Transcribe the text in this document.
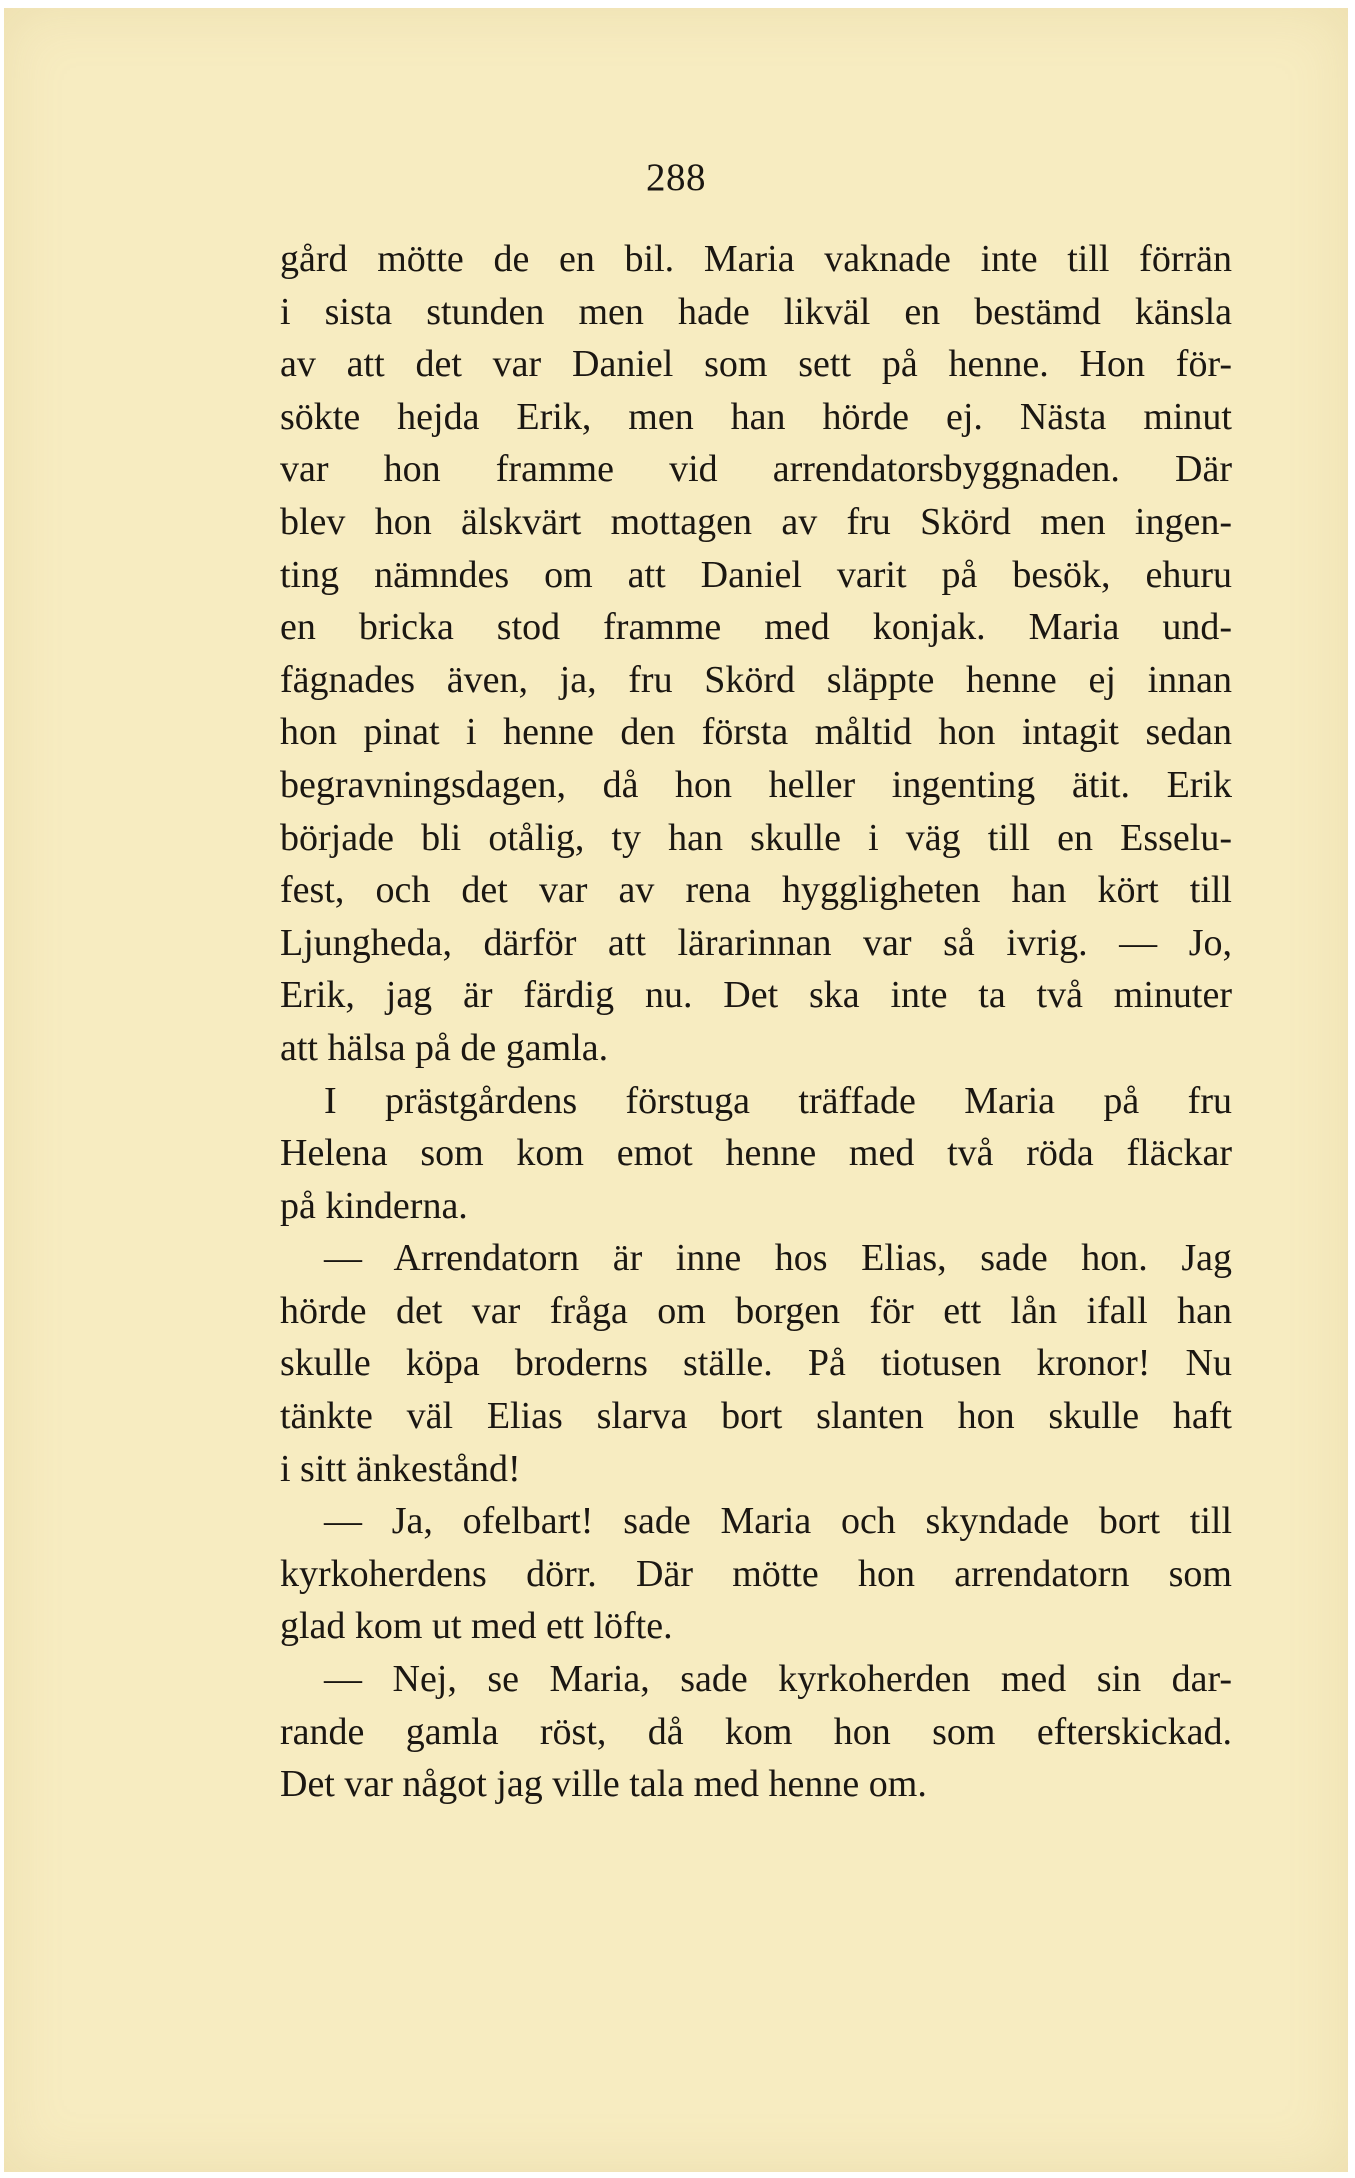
288
gård mötte de en bil. Maria vaknade inte till förrän
i sista stunden men hade likväl en bestämd känsla
av att det var Daniel som sett på henne. Hon för-
sökte hejda Erik, men han hörde ej. Nästa minut
var hon framme vid arrendatorsbyggnaden. Där
blev hon älskvärt mottagen av fru Skörd men ingen-
ting nämndes om att Daniel varit på besök, ehuru
en bricka stod framme med konjak. Maria und-
fägnades även, ja, fru Skörd släppte henne ej innan
hon pinat i henne den första måltid hon intagit sedan
begravningsdagen, då hon heller ingenting ätit. Erik
började bli otålig, ty han skulle i väg till en Esselu-
fest, och det var av rena hyggligheten han kört till
Ljungheda, därför att lärarinnan var så ivrig. — Jo,
Erik, jag är färdig nu. Det ska inte ta två minuter
att hälsa på de gamla.
I prästgårdens förstuga träffade Maria på fru
Helena som kom emot henne med två röda fläckar
på kinderna.
— Arrendatorn är inne hos Elias, sade hon. Jag
hörde det var fråga om borgen för ett lån ifall han
skulle köpa broderns ställe. På tiotusen kronor! Nu
tänkte väl Elias slarva bort slanten hon skulle haft
i sitt änkestånd!
— Ja, ofelbart! sade Maria och skyndade bort till
kyrkoherdens dörr. Där mötte hon arrendatorn som
glad kom ut med ett löfte.
— Nej, se Maria, sade kyrkoherden med sin dar-
rande gamla röst, då kom hon som efterskickad.
Det var något jag ville tala med henne om.
